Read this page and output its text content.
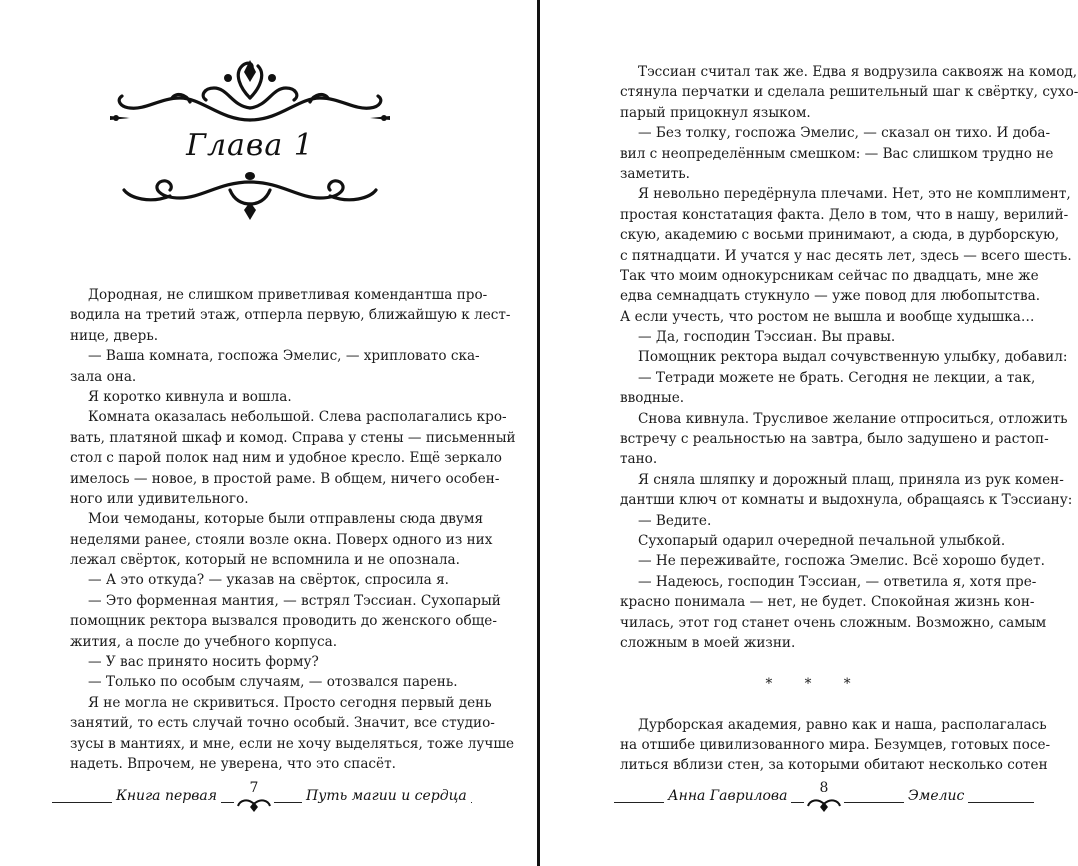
Глава 1
Дородная, не слишком приветливая комендантша про-
водила на третий этаж, отперла первую, ближайшую к лест-
нице, дверь.
— Ваша комната, госпожа Эмелис, — хрипловато ска-
зала она.
Я коротко кивнула и вошла.
Комната оказалась небольшой. Слева располагались кро-
вать, платяной шкаф и комод. Справа у стены — письменный
стол с парой полок над ним и удобное кресло. Ещё зеркало
имелось — новое, в простой раме. В общем, ничего особен-
ного или удивительного.
Мои чемоданы, которые были отправлены сюда двумя
неделями ранее, стояли возле окна. Поверх одного из них
лежал свёрток, который не вспомнила и не опознала.
— А это откуда? — указав на свёрток, спросила я.
— Это форменная мантия, — встрял Тэссиан. Сухопарый
помощник ректора вызвался проводить до женского обще-
жития, а после до учебного корпуса.
— У вас принято носить форму?
— Только по особым случаям, — отозвался парень.
Я не могла не скривиться. Просто сегодня первый день
занятий, то есть случай точно особый. Значит, все студио-
зусы в мантиях, и мне, если не хочу выделяться, тоже лучше
надеть. Впрочем, не уверена, что это спасёт.
Книга первая	7	Путь магии и сердца
Тэссиан считал так же. Едва я водрузила саквояж на комод,
стянула перчатки и сделала решительный шаг к свёртку, сухо-
парый прицокнул языком.
— Без толку, госпожа Эмелис, — сказал он тихо. И доба-
вил с неопределённым смешком: — Вас слишком трудно не
заметить.
Я невольно передёрнула плечами. Нет, это не комплимент,
простая констатация факта. Дело в том, что в нашу, верилий-
скую, академию с восьми принимают, а сюда, в дурборскую,
с пятнадцати. И учатся у нас десять лет, здесь — всего шесть.
Так что моим однокурсникам сейчас по двадцать, мне же
едва семнадцать стукнуло — уже повод для любопытства.
А если учесть, что ростом не вышла и вообще худышка…
— Да, господин Тэссиан. Вы правы.
Помощник ректора выдал сочувственную улыбку, добавил:
— Тетради можете не брать. Сегодня не лекции, а так,
вводные.
Снова кивнула. Трусливое желание отпроситься, отложить
встречу с реальностью на завтра, было задушено и растоп-
тано.
Я сняла шляпку и дорожный плащ, приняла из рук комен-
дантши ключ от комнаты и выдохнула, обращаясь к Тэссиану:
— Ведите.
Сухопарый одарил очередной печальной улыбкой.
— Не переживайте, госпожа Эмелис. Всё хорошо будет.
— Надеюсь, господин Тэссиан, — ответила я, хотя пре-
красно понимала — нет, не будет. Спокойная жизнь кон-
чилась, этот год станет очень сложным. Возможно, самым
сложным в моей жизни.
* * *
Дурборская академия, равно как и наша, располагалась
на отшибе цивилизованного мира. Безумцев, готовых посе-
литься вблизи стен, за которыми обитают несколько сотен
Анна Гаврилова	8	Эмелис
